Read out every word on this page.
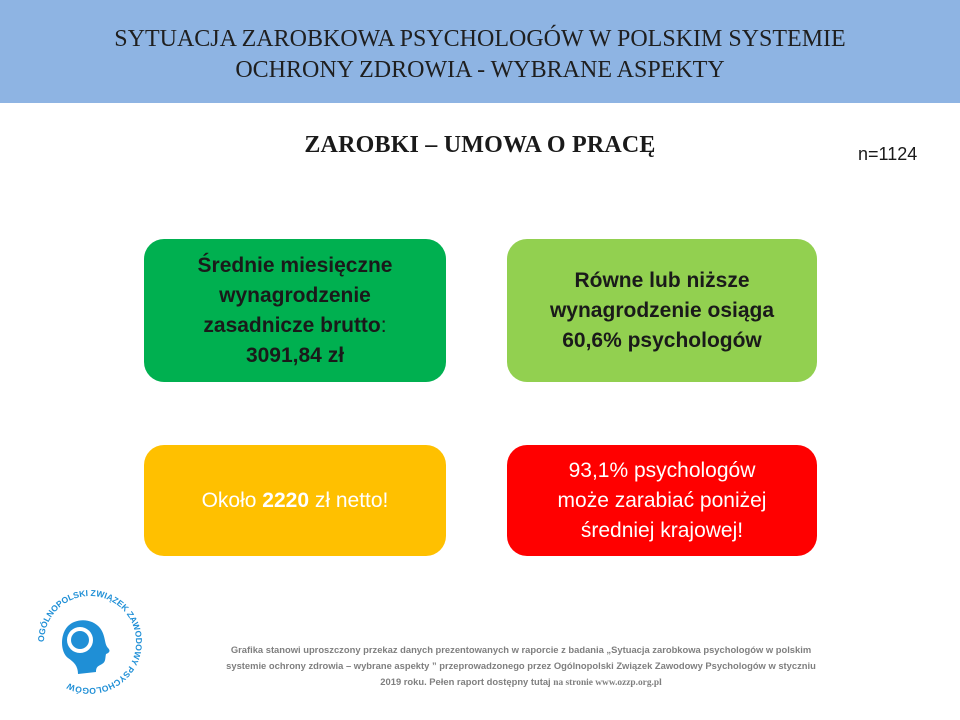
SYTUACJA ZAROBKOWA PSYCHOLOGÓW W POLSKIM SYSTEMIE
OCHRONY ZDROWIA - WYBRANE ASPEKTY
ZAROBKI – UMOWA O PRACĘ	n=1124
Średnie miesięczne wynagrodzenie zasadnicze brutto:
3091,84 zł
Równe lub niższe
wynagrodzenie osiąga
60,6% psychologów
Około 2220 zł netto!
93,1% psychologów
może zarabiać poniżej
średniej krajowej!
OGÓLNOPOLSKI ZWIĄZEK ZAWODOWY PSYCHOLOGÓW
Grafika stanowi uproszczony przekaz danych prezentowanych w raporcie z badania „Sytuacja zarobkowa psychologów w polskim
systemie ochrony zdrowia – wybrane aspekty ” przeprowadzonego przez Ogólnopolski Związek Zawodowy Psychologów w styczniu
2019 roku. Pełen raport dostępny tutaj na stronie www.ozzp.org.pl
